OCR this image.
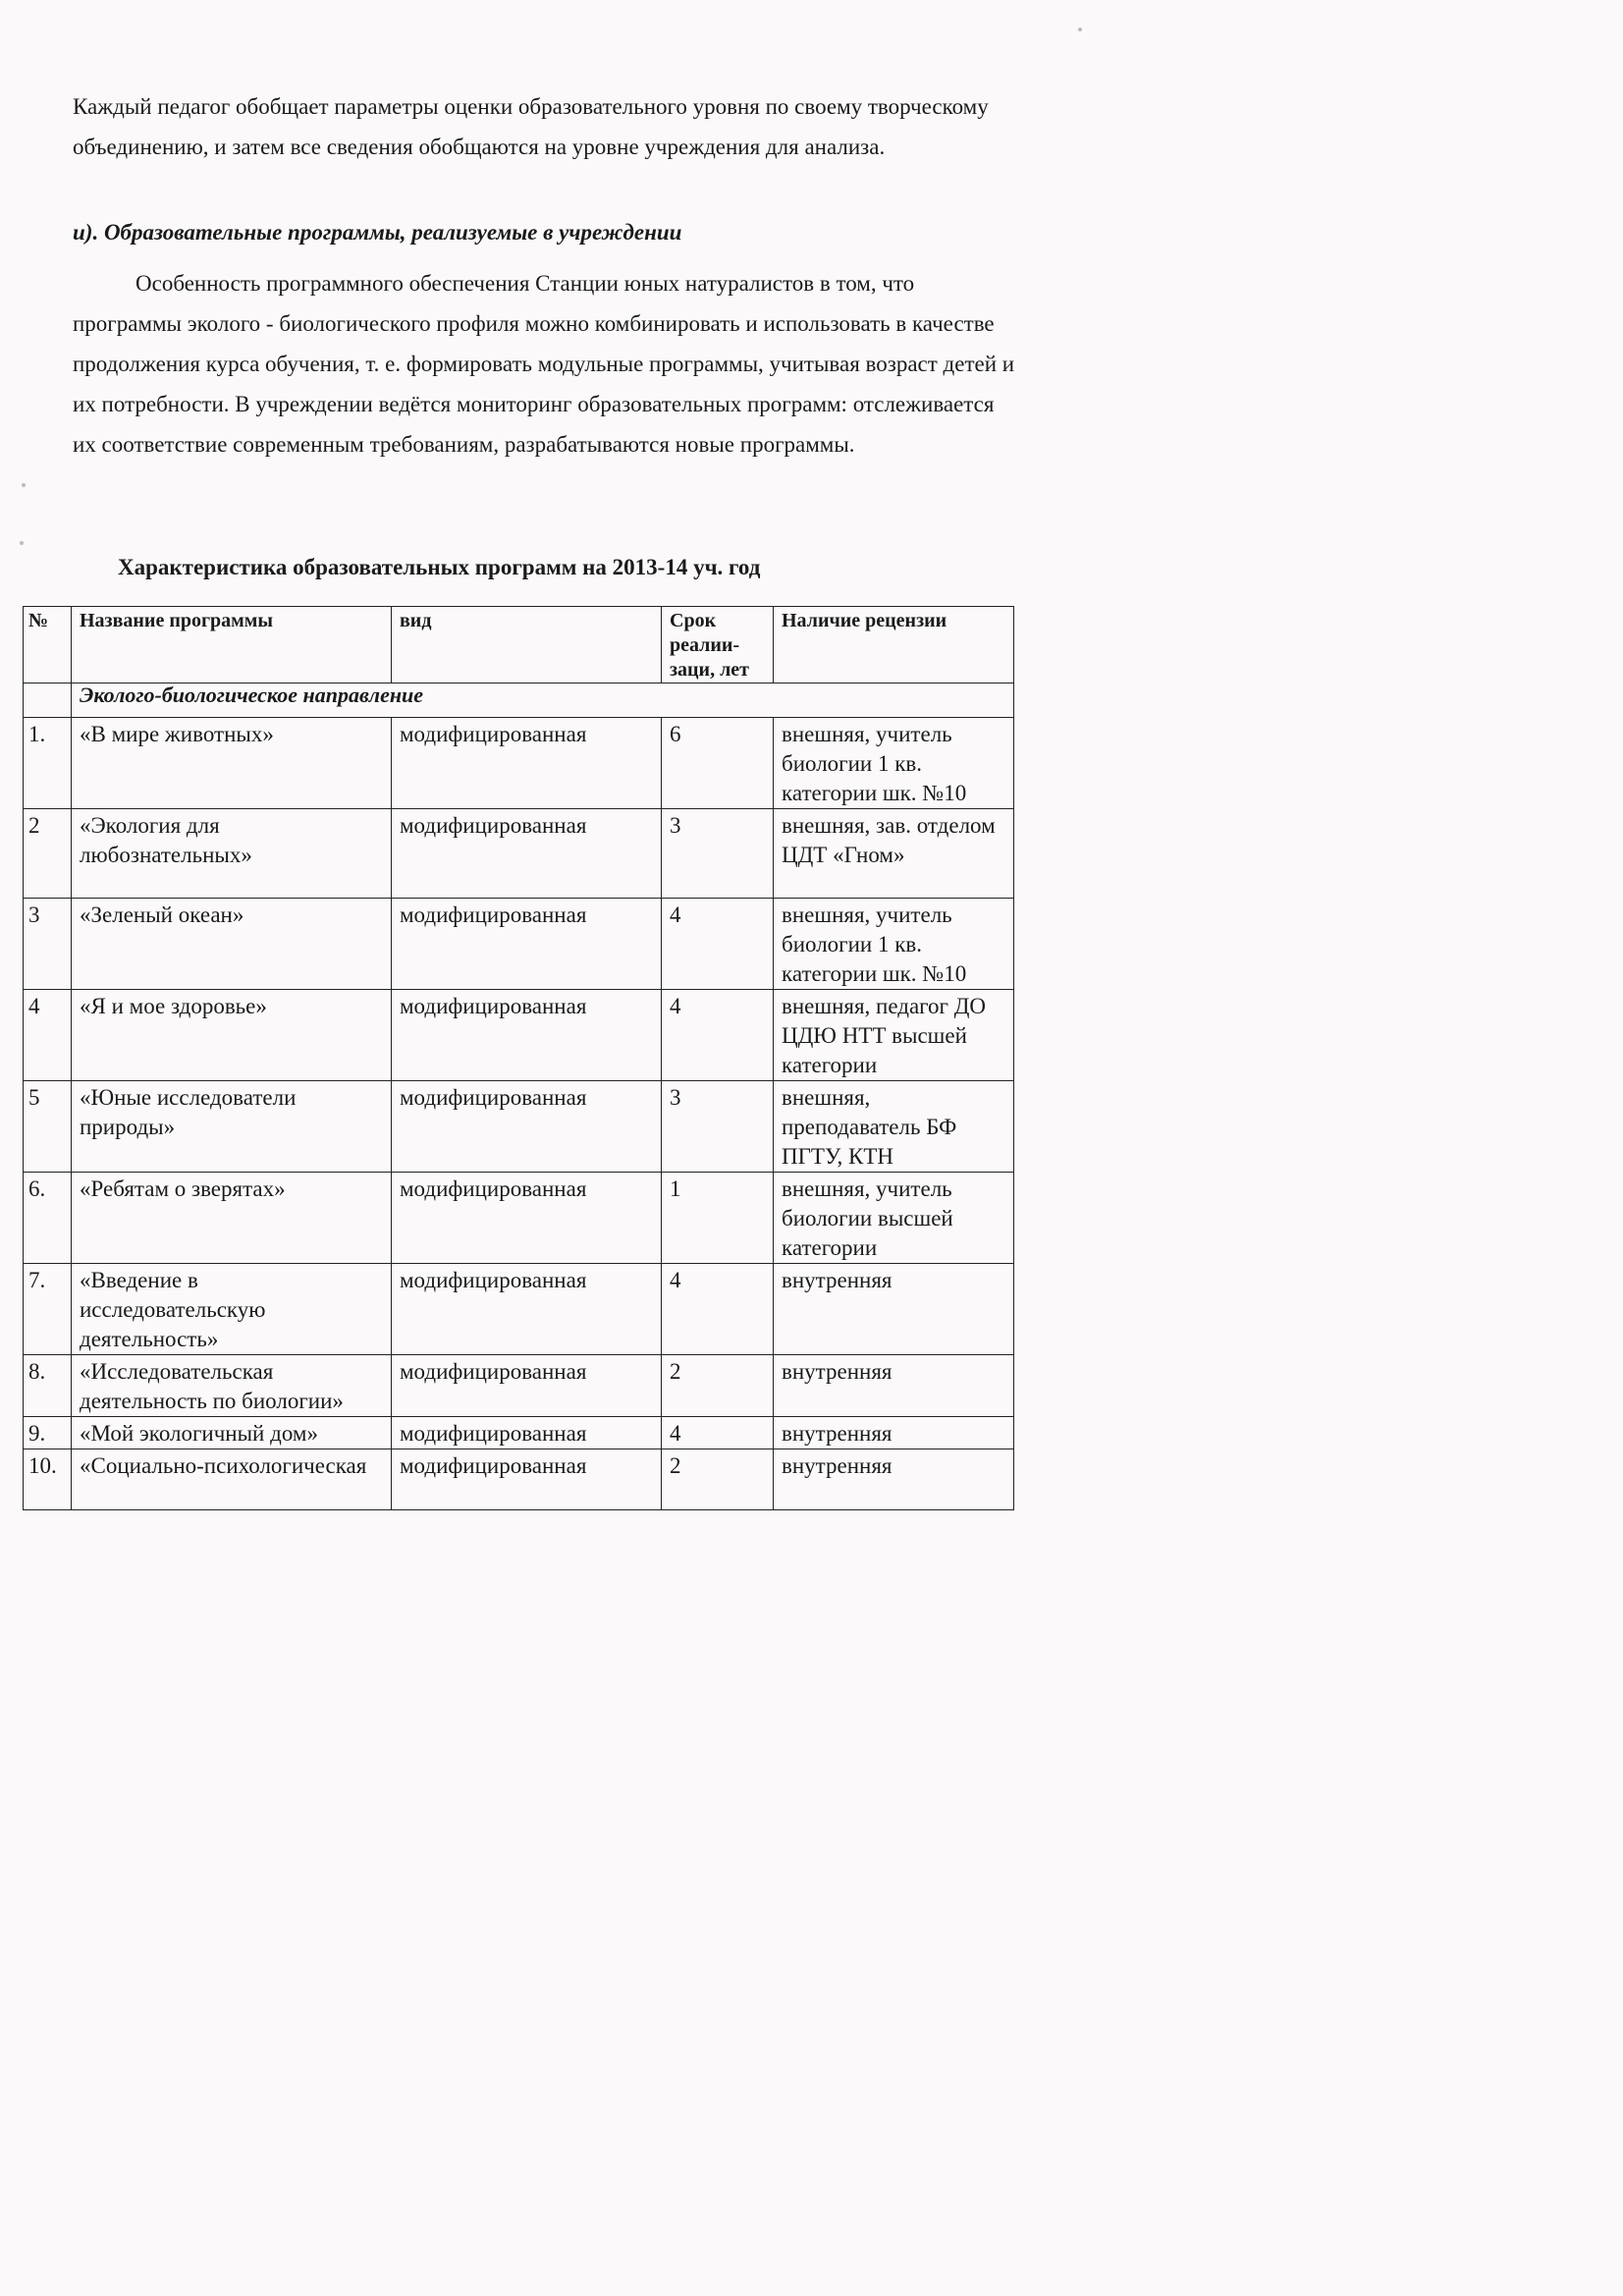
Каждый педагог обобщает параметры оценки образовательного уровня по своему творческому объединению, и затем все сведения обобщаются на уровне учреждения для анализа.

и). Образовательные программы, реализуемые в учреждении

Особенность программного обеспечения Станции юных натуралистов в том, что программы эколого - биологического профиля можно комбинировать и использовать в качестве продолжения курса обучения, т. е. формировать модульные программы, учитывая возраст детей и их потребности. В учреждении ведётся мониторинг образовательных программ: отслеживается их соответствие современным требованиям, разрабатываются новые программы.

Характеристика образовательных программ на 2013-14 уч. год

№	Название программы	вид	Срок реалии-заци, лет	Наличие рецензии
	Эколого-биологическое направление			
1.	«В мире животных»	модифицированная	6	внешняя, учитель биологии 1 кв. категории шк. №10
2	«Экология для любознательных»	модифицированная	3	внешняя, зав. отделом ЦДТ «Гном»
3	«Зеленый океан»	модифицированная	4	внешняя, учитель биологии 1 кв. категории шк. №10
4	«Я и мое здоровье»	модифицированная	4	внешняя, педагог ДО ЦДЮ НТТ высшей категории
5	«Юные исследователи природы»	модифицированная	3	внешняя, преподаватель БФ ПГТУ, КТН
6.	«Ребятам о зверятах»	модифицированная	1	внешняя, учитель биологии высшей категории
7.	«Введение в исследовательскую деятельность»	модифицированная	4	внутренняя
8.	«Исследовательская деятельность по биологии»	модифицированная	2	внутренняя
9.	«Мой экологичный дом»	модифицированная	4	внутренняя
10.	«Социально-психологическая	модифицированная	2	внутренняя
